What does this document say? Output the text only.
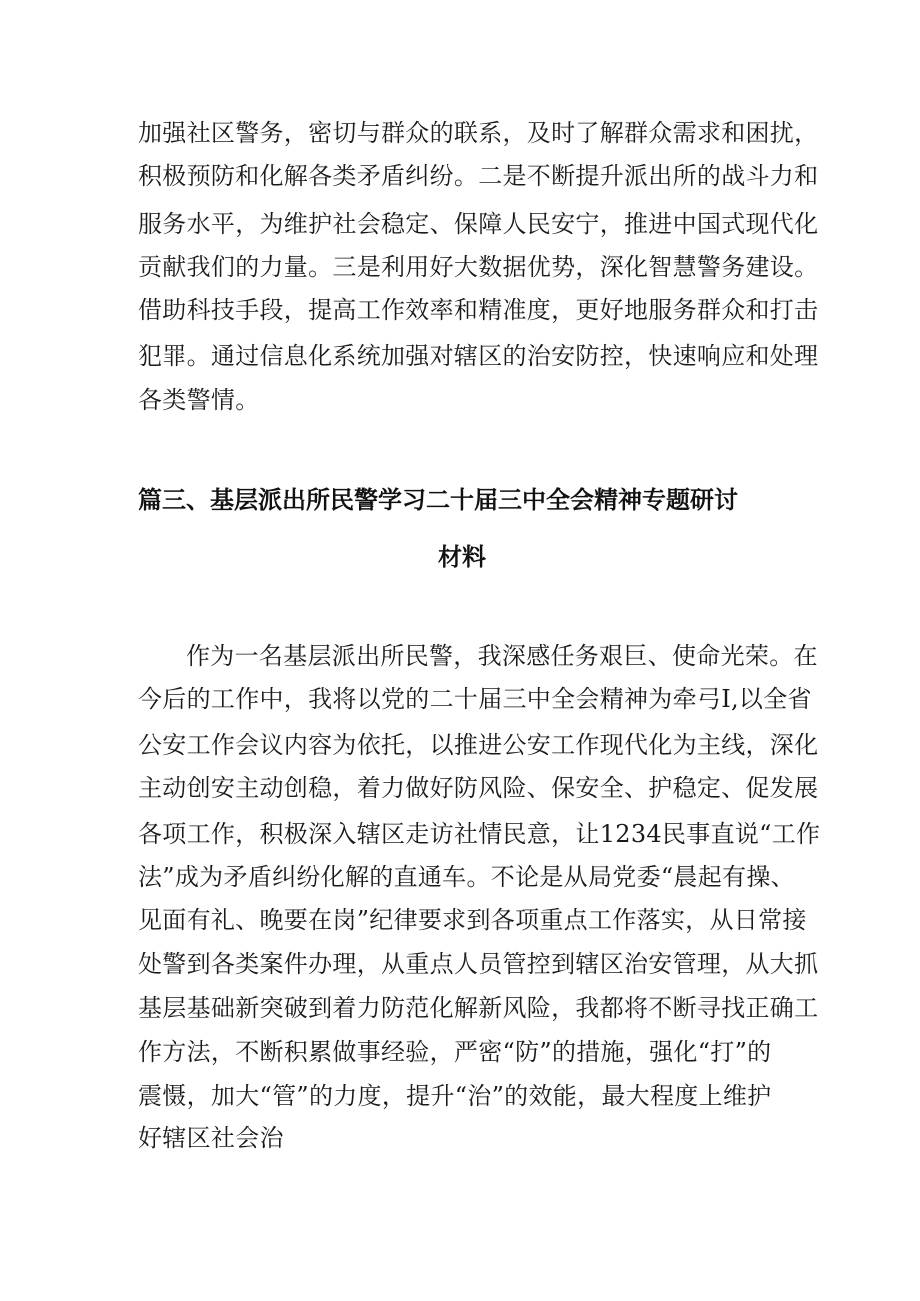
加强社区警务，密切与群众的联系，及时了解群众需求和困扰，
积极预防和化解各类矛盾纠纷。二是不断提升派出所的战斗力和
服务水平，为维护社会稳定、保障人民安宁，推进中国式现代化
贡献我们的力量。三是利用好大数据优势，深化智慧警务建设。
借助科技手段，提高工作效率和精准度，更好地服务群众和打击
犯罪。通过信息化系统加强对辖区的治安防控，快速响应和处理
各类警情。
篇三、基层派出所民警学习二十届三中全会精神专题研讨
材料
作为一名基层派出所民警，我深感任务艰巨、使命光荣。在
今后的工作中，我将以党的二十届三中全会精神为牵弓I,以全省
公安工作会议内容为依托，以推进公安工作现代化为主线，深化
主动创安主动创稳，着力做好防风险、保安全、护稳定、促发展
各项工作，积极深入辖区走访社情民意，让1234民事直说“工作
法”成为矛盾纠纷化解的直通车。不论是从局党委“晨起有操、
见面有礼、晚要在岗”纪律要求到各项重点工作落实，从日常接
处警到各类案件办理，从重点人员管控到辖区治安管理，从大抓
基层基础新突破到着力防范化解新风险，我都将不断寻找正确工
作方法，不断积累做事经验，严密“防”的措施，强化“打”的
震慑，加大“管”的力度，提升“治”的效能，最大程度上维护
好辖区社会治
